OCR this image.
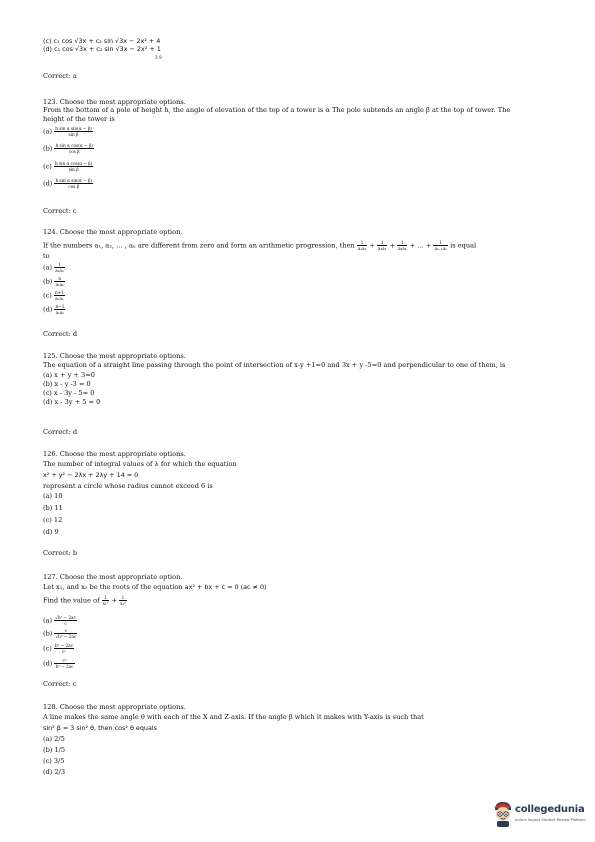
(c) c₁ cos √3x + c₂ sin √3x − 2x² + 4
(d) c₁ cos √3x + c₂ sin √3x − 2x² + 1
3 9
Correct: a
123. Choose the most appropriate options.
From the bottom of a pole of height h, the angle of elevation of the top of a tower is α The pole subtends an angle β at the top of tower. The
height of the tower is
$(a) \frac{\text{h sin α sin(α − β)}}{\text{sin β}}$
$(b) \frac{\text{h sin α cos(α − β)}}{\text{cos β}}$
$(c) \frac{\text{h sin α cos(α − β)}}{\text{sin β}}$
$(d) \frac{\text{h sin α sin(α − β)}}{\text{cos β}}$
Correct: c
124. Choose the most appropriate option.
If the numbers a₁, a₂, … , aₙ are different from zero and form an arithmetic progression, then $\frac{1}{\text{a₁a₂}} + \frac{1}{\text{a₂a₃}} + \frac{1}{\text{a₃a₄}}$ + … + $\frac{1}{\text{aₙ₋₁aₙ}}$ is equal
to
$(a) \frac{1}{\text{a₁aₙ}}$
$(b) \frac{n}{\text{a₁aₙ}}$
$(c) \frac{n+1}{\text{a₁aₙ}}$
$(d) \frac{n-1}{\text{a₁aₙ}}$
Correct: d
125. Choose the most appropriate options.
The equation of a straight line passing through the point of intersection of x-y +1=0 and 3x + y -5=0 and perpendicular to one of them, is
(a) x + y + 3=0
(b) x - y -3 = 0
(c) x - 3y - 5= 0
(d) x - 3y + 5 = 0
Correct: d
126. Choose the most appropriate options.
The number of integral values of λ for which the equation
x² + y² − 2λx + 2λy + 14 = 0
represent a circle whose radius cannot exceed 6 is
(a) 10
(b) 11
(c) 12
(d) 9
Correct: b
127. Choose the most appropriate option.
Let x₁, and x₂ be the roots of the equation ax² + bx + c = 0 (ac ≠ 0)
Find the value of $\frac{1}{\text{x₁²}} + \frac{1}{\text{x₂²}}$
$(a) \frac{\text{√b² − 2ac}}{c}$
$(b) \frac{c}{\text{√b² − 2ac}}$
$(c) \frac{\text{b² − 2ac}}{\text{c²}}$
$(d) \frac{\text{c²}}{\text{b² − 2ac}}$
Correct: c
128. Choose the most appropriate options.
A line makes the same angle θ with each of the X and Z-axis. If the angle β which it makes with Y-axis is such that
sin² β = 3 sin² θ, then cos² θ equals
(a) 2/5
(b) 1/5
(c) 3/5
(d) 2/3
collegedunia
India's largest Student Review Platform
